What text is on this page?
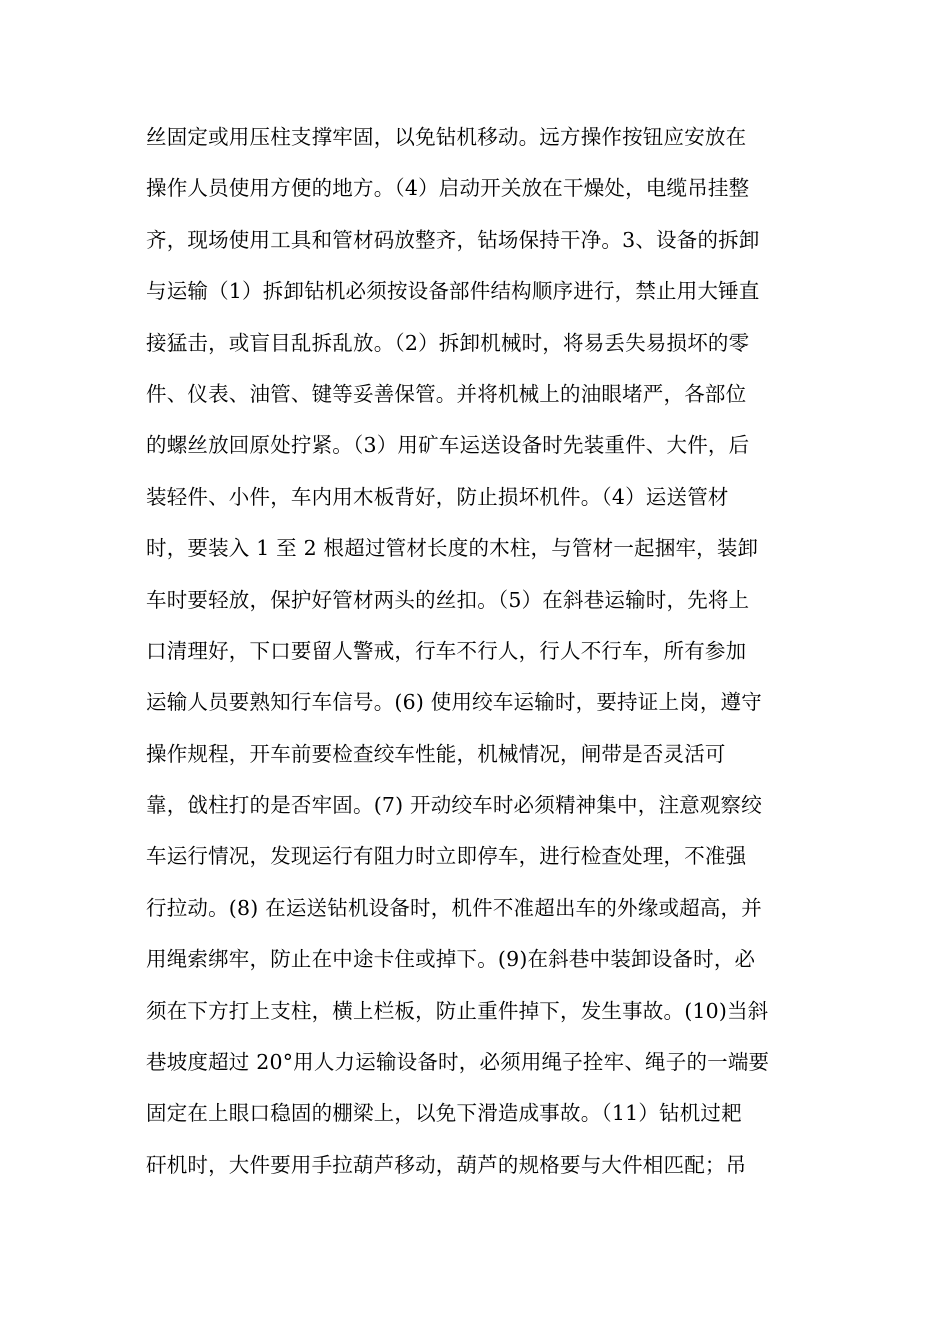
丝固定或用压柱支撑牢固，以免钻机移动。远方操作按钮应安放在
操作人员使用方便的地方。（4）启动开关放在干燥处，电缆吊挂整
齐，现场使用工具和管材码放整齐，钻场保持干净。3、设备的拆卸
与运输（1）拆卸钻机必须按设备部件结构顺序进行，禁止用大锤直
接猛击，或盲目乱拆乱放。（2）拆卸机械时，将易丢失易损坏的零
件、仪表、油管、键等妥善保管。并将机械上的油眼堵严，各部位
的螺丝放回原处拧紧。（3）用矿车运送设备时先装重件、大件，后
装轻件、小件，车内用木板背好，防止损坏机件。（4）运送管材
时，要装入 1 至 2 根超过管材长度的木柱，与管材一起捆牢，装卸
车时要轻放，保护好管材两头的丝扣。（5）在斜巷运输时，先将上
口清理好，下口要留人警戒，行车不行人，行人不行车，所有参加
运输人员要熟知行车信号。(6) 使用绞车运输时，要持证上岗，遵守
操作规程，开车前要检查绞车性能，机械情况，闸带是否灵活可
靠，戗柱打的是否牢固。(7) 开动绞车时必须精神集中，注意观察绞
车运行情况，发现运行有阻力时立即停车，进行检查处理，不准强
行拉动。(8) 在运送钻机设备时，机件不准超出车的外缘或超高，并
用绳索绑牢，防止在中途卡住或掉下。(9)在斜巷中装卸设备时，必
须在下方打上支柱，横上栏板，防止重件掉下，发生事故。(10)当斜
巷坡度超过 20°用人力运输设备时，必须用绳子拴牢、绳子的一端要
固定在上眼口稳固的棚梁上，以免下滑造成事故。（11）钻机过耙
矸机时，大件要用手拉葫芦移动，葫芦的规格要与大件相匹配；吊
